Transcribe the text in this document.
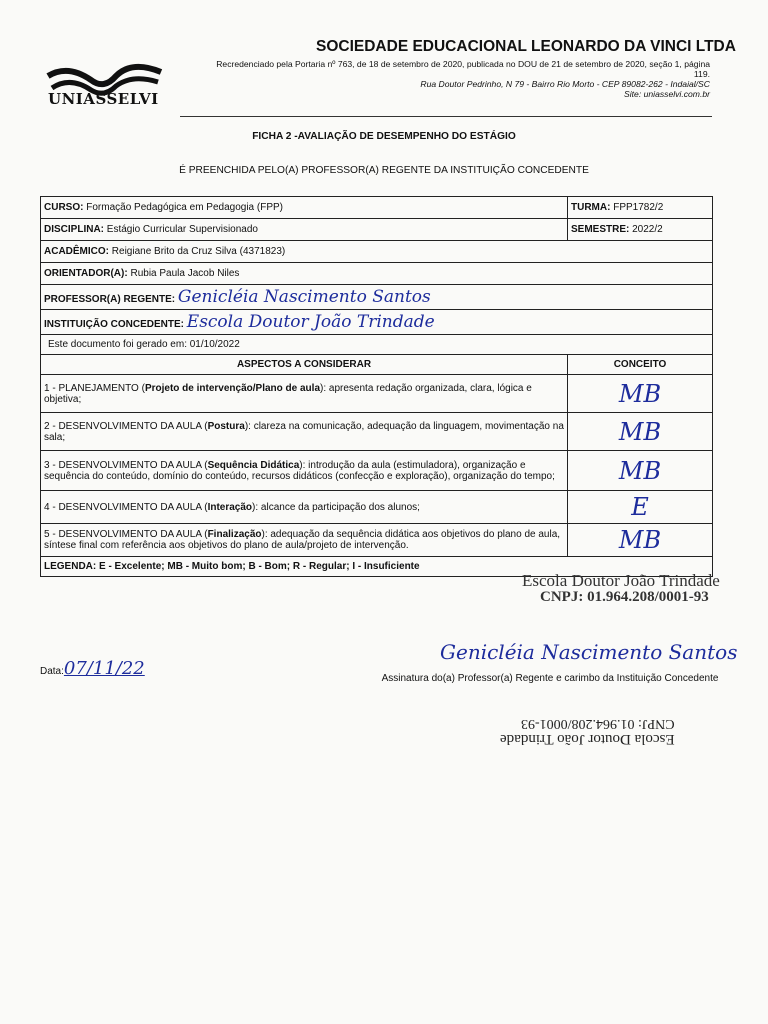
UNIASSELVI
SOCIEDADE EDUCACIONAL LEONARDO DA VINCI LTDA
Recredenciado pela Portaria nº 763, de 18 de setembro de 2020, publicada no DOU de 21 de setembro de 2020, seção 1, página
119.
Rua Doutor Pedrinho, N 79 - Bairro Rio Morto - CEP 89082-262 - Indaial/SC
Site: uniasselvi.com.br
FICHA 2 -AVALIAÇÃO DE DESEMPENHO DO ESTÁGIO
É PREENCHIDA PELO(A) PROFESSOR(A) REGENTE DA INSTITUIÇÃO CONCEDENTE
CURSO: Formação Pedagógica em Pedagogia (FPP)	TURMA: FPP1782/2
DISCIPLINA: Estágio Curricular Supervisionado	SEMESTRE: 2022/2
ACADÊMICO: Reigiane Brito da Cruz Silva (4371823)	
ORIENTADOR(A): Rubia Paula Jacob Niles	
PROFESSOR(A) REGENTE: Genicléia Nascimento Santos	
INSTITUIÇÃO CONCEDENTE: Escola Doutor João Trindade	
Este documento foi gerado em: 01/10/2022	
ASPECTOS A CONSIDERAR	CONCEITO
1 - PLANEJAMENTO (Projeto de intervenção/Plano de aula): apresenta redação organizada, clara, lógica e objetiva;	MB
2 - DESENVOLVIMENTO DA AULA (Postura): clareza na comunicação, adequação da linguagem, movimentação na sala;	MB
3 - DESENVOLVIMENTO DA AULA (Sequência Didática): introdução da aula (estimuladora), organização e sequência do conteúdo, domínio do conteúdo, recursos didáticos (confecção e exploração), organização do tempo;	MB
4 - DESENVOLVIMENTO DA AULA (Interação): alcance da participação dos alunos;	E
5 - DESENVOLVIMENTO DA AULA (Finalização): adequação da sequência didática aos objetivos do plano de aula, síntese final com referência aos objetivos do plano de aula/projeto de intervenção.	MB
LEGENDA: E - Excelente; MB - Muito bom; B - Bom; R - Regular; I - Insuficiente	
Escola Doutor João Trindade
CNPJ: 01.964.208/0001-93
Data:07/11/22
Genicléia Nascimento Santos
Assinatura do(a) Professor(a) Regente e carimbo da Instituição Concedente
Escola Doutor João Trindade
CNPJ: 01.964.208/0001-93
